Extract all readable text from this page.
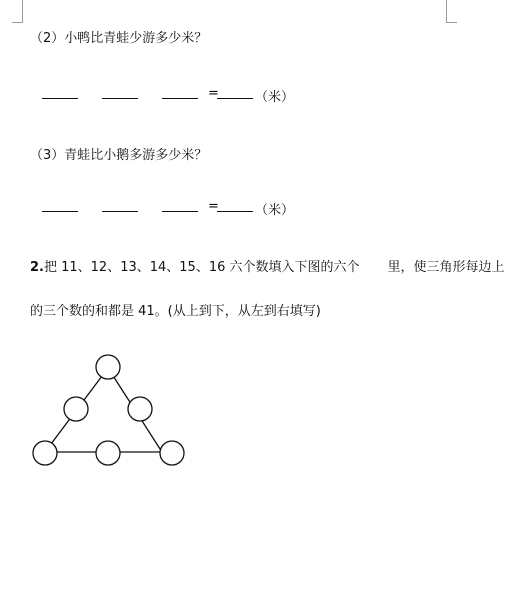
（2）小鸭比青蛙少游多少米？
=	（米）
（3）青蛙比小鹅多游多少米？
=	（米）
2.把 11、12、13、14、15、16 六个数填入下图的六个 里，使三角形每边上
的三个数的和都是 41。(从上到下，从左到右填写)
